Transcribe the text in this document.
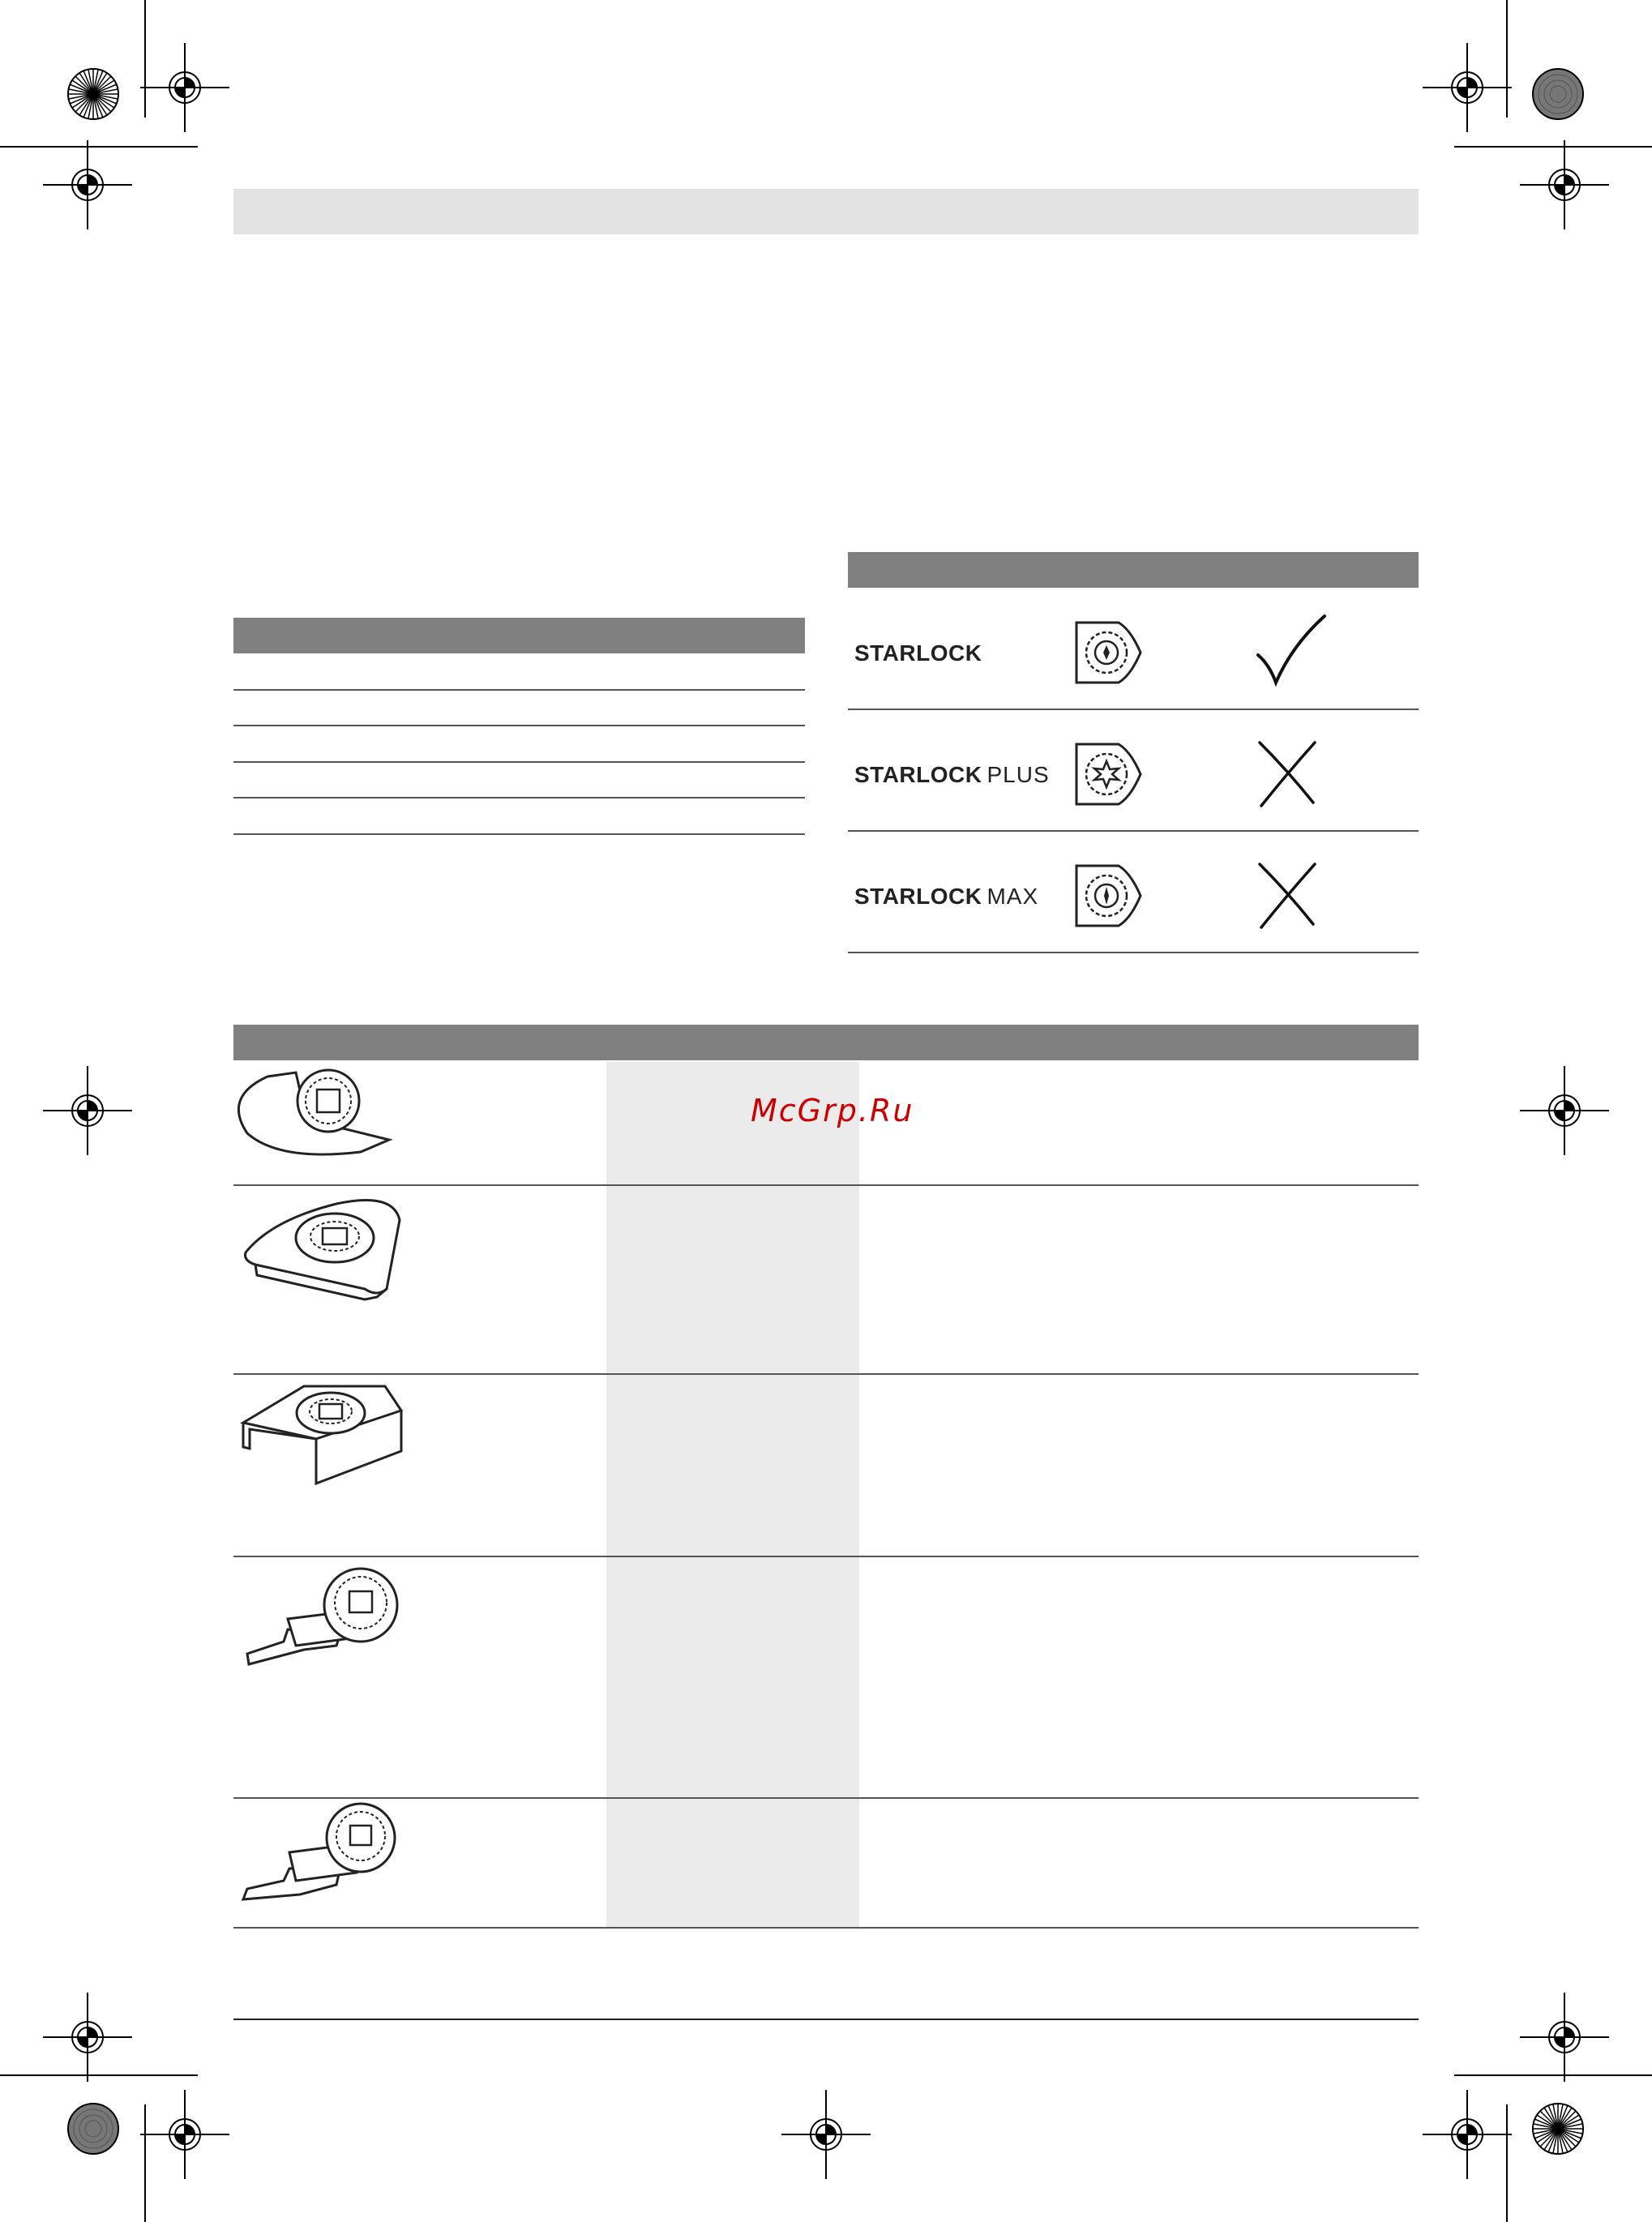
STARLOCK
STARLOCK PLUS
STARLOCK MAX
McGrp.Ru
